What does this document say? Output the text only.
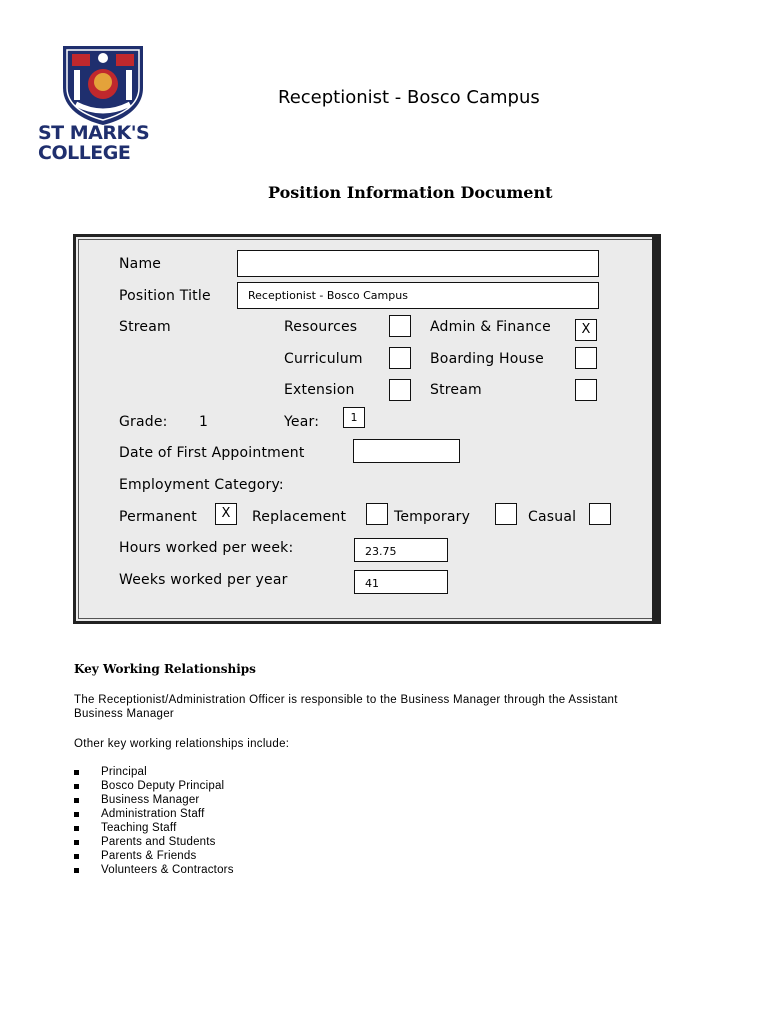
ST MARK'S
COLLEGE
Receptionist - Bosco Campus
Position Information Document
Name
Position Title	Receptionist - Bosco Campus
Stream	Resources	Admin & Finance	X
Curriculum	Boarding House
Extension	Stream
Grade: 1	Year:	1
Date of First Appointment
Employment Category:
Permanent	X	Replacement	Temporary	Casual
Hours worked per week:	23.75
Weeks worked per year	41
Key Working Relationships
The Receptionist/Administration Officer is responsible to the Business Manager through the Assistant
Business Manager
Other key working relationships include:
Principal
Bosco Deputy Principal
Business Manager
Administration Staff
Teaching Staff
Parents and Students
Parents & Friends
Volunteers & Contractors
